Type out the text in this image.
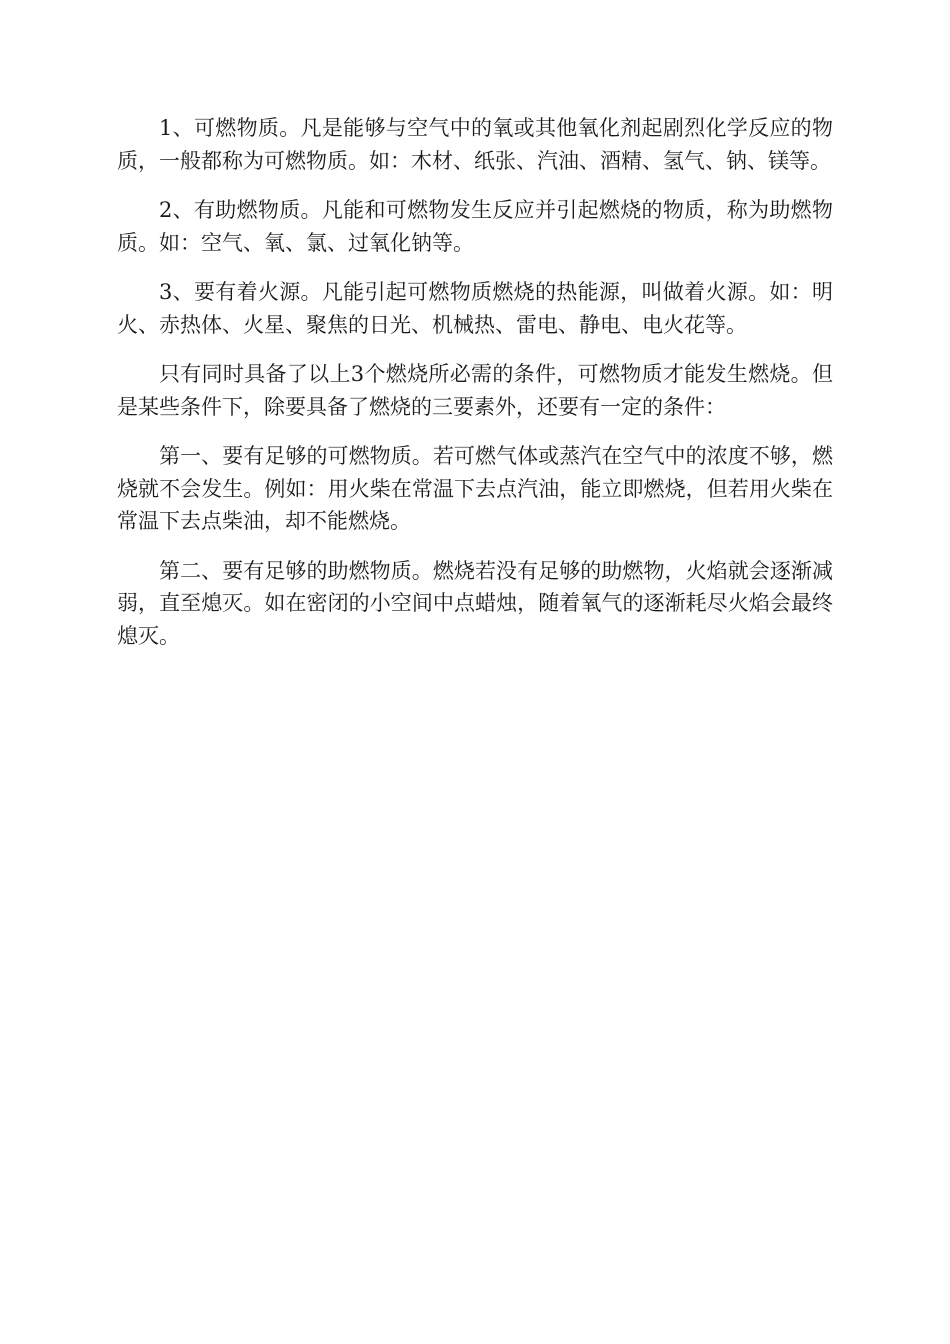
1、可燃物质。凡是能够与空气中的氧或其他氧化剂起剧烈化学反应的物质，一般都称为可燃物质。如：木材、纸张、汽油、酒精、氢气、钠、镁等。

2、有助燃物质。凡能和可燃物发生反应并引起燃烧的物质，称为助燃物质。如：空气、氧、氯、过氧化钠等。

3、要有着火源。凡能引起可燃物质燃烧的热能源，叫做着火源。如：明火、赤热体、火星、聚焦的日光、机械热、雷电、静电、电火花等。

只有同时具备了以上3个燃烧所必需的条件，可燃物质才能发生燃烧。但是某些条件下，除要具备了燃烧的三要素外，还要有一定的条件：

第一、要有足够的可燃物质。若可燃气体或蒸汽在空气中的浓度不够，燃烧就不会发生。例如：用火柴在常温下去点汽油，能立即燃烧，但若用火柴在常温下去点柴油，却不能燃烧。

第二、要有足够的助燃物质。燃烧若没有足够的助燃物，火焰就会逐渐减弱，直至熄灭。如在密闭的小空间中点蜡烛，随着氧气的逐渐耗尽火焰会最终熄灭。
